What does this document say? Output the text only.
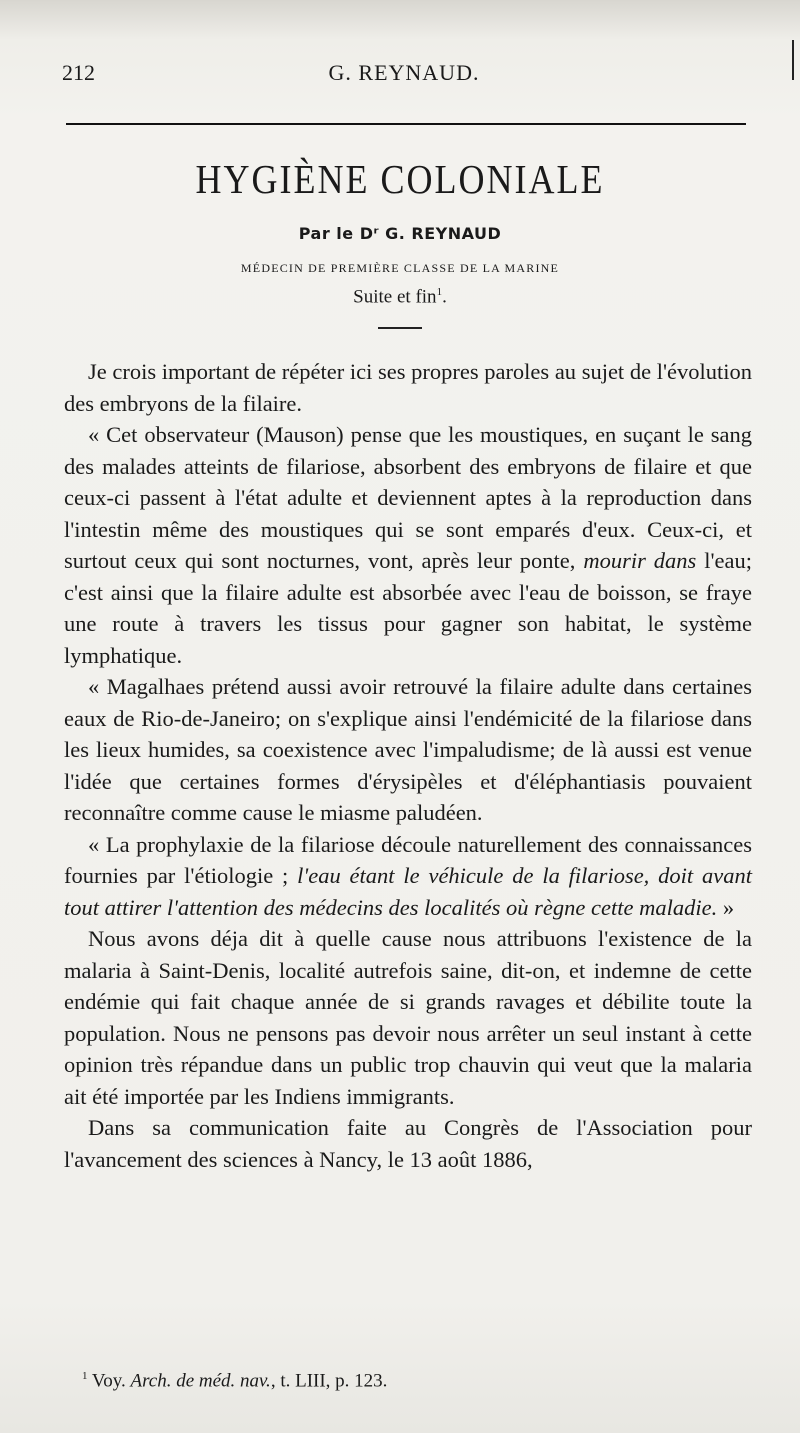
212	G. REYNAUD.
HYGIÈNE COLONIALE
Par le Dʳ G. REYNAUD
MÉDECIN DE PREMIÈRE CLASSE DE LA MARINE
Suite et fin$^1$.

Je crois important de répéter ici ses propres paroles au sujet de l'évolution des embryons de la filaire.

« Cet observateur (Mauson) pense que les moustiques, en suçant le sang des malades atteints de filariose, absorbent des embryons de filaire et que ceux-ci passent à l'état adulte et deviennent aptes à la reproduction dans l'intestin même des moustiques qui se sont emparés d'eux. Ceux-ci, et surtout ceux qui sont nocturnes, vont, après leur ponte, mourir dans l'eau; c'est ainsi que la filaire adulte est absorbée avec l'eau de boisson, se fraye une route à travers les tissus pour gagner son habitat, le système lymphatique.

« Magalhaes prétend aussi avoir retrouvé la filaire adulte dans certaines eaux de Rio-de-Janeiro; on s'explique ainsi l'endémicité de la filariose dans les lieux humides, sa coexistence avec l'impaludisme; de là aussi est venue l'idée que certaines formes d'érysipèles et d'éléphantiasis pouvaient reconnaître comme cause le miasme paludéen.

« La prophylaxie de la filariose découle naturellement des connaissances fournies par l'étiologie ; l'eau étant le véhicule de la filariose, doit avant tout attirer l'attention des médecins des localités où règne cette maladie. »

Nous avons déja dit à quelle cause nous attribuons l'existence de la malaria à Saint-Denis, localité autrefois saine, dit-on, et indemne de cette endémie qui fait chaque année de si grands ravages et débilite toute la population. Nous ne pensons pas devoir nous arrêter un seul instant à cette opinion très répandue dans un public trop chauvin qui veut que la malaria ait été importée par les Indiens immigrants.

Dans sa communication faite au Congrès de l'Association pour l'avancement des sciences à Nancy, le 13 août 1886,

$^1$ Voy. Arch. de méd. nav., t. LIII, p. 123.
